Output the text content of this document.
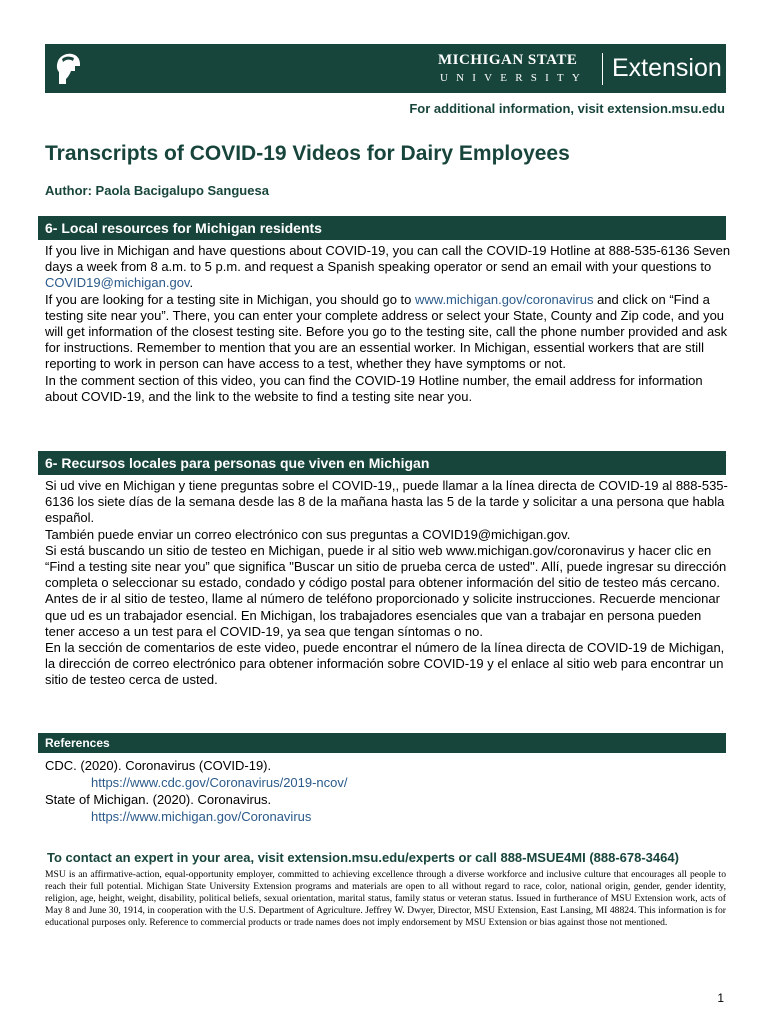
MICHIGAN STATE
UNIVERSITY Extension
For additional information, visit extension.msu.edu
Transcripts of COVID-19 Videos for Dairy Employees
Author: Paola Bacigalupo Sanguesa
6- Local resources for Michigan residents

If you live in Michigan and have questions about COVID-19, you can call the COVID-19 Hotline at 888-535-6136 Seven days a week from 8 a.m. to 5 p.m. and request a Spanish speaking operator or send an email with your questions to COVID19@michigan.gov.

If you are looking for a testing site in Michigan, you should go to www.michigan.gov/coronavirus and click on “Find a testing site near you”. There, you can enter your complete address or select your State, County and Zip code, and you will get information of the closest testing site. Before you go to the testing site, call the phone number provided and ask for instructions. Remember to mention that you are an essential worker. In Michigan, essential workers that are still reporting to work in person can have access to a test, whether they have symptoms or not.

In the comment section of this video, you can find the COVID-19 Hotline number, the email address for information about COVID-19, and the link to the website to find a testing site near you.

6- Recursos locales para personas que viven en Michigan

Si ud vive en Michigan y tiene preguntas sobre el COVID-19,, puede llamar a la línea directa de COVID-19 al 888-535-6136 los siete días de la semana desde las 8 de la mañana hasta las 5 de la tarde y solicitar a una persona que habla español.

También puede enviar un correo electrónico con sus preguntas a COVID19@michigan.gov.

Si está buscando un sitio de testeo en Michigan, puede ir al sitio web www.michigan.gov/coronavirus y hacer clic en “Find a testing site near you” que significa "Buscar un sitio de prueba cerca de usted". Allí, puede ingresar su dirección completa o seleccionar su estado, condado y código postal para obtener información del sitio de testeo más cercano.

Antes de ir al sitio de testeo, llame al número de teléfono proporcionado y solicite instrucciones. Recuerde mencionar que ud es un trabajador esencial. En Michigan, los trabajadores esenciales que van a trabajar en persona pueden tener acceso a un test para el COVID-19, ya sea que tengan síntomas o no.

En la sección de comentarios de este video, puede encontrar el número de la línea directa de COVID-19 de Michigan, la dirección de correo electrónico para obtener información sobre COVID-19 y el enlace al sitio web para encontrar un sitio de testeo cerca de usted.

References

CDC. (2020). Coronavirus (COVID-19).

https://www.cdc.gov/Coronavirus/2019-ncov/

State of Michigan. (2020). Coronavirus.

https://www.michigan.gov/Coronavirus

To contact an expert in your area, visit extension.msu.edu/experts or call 888-MSUE4MI (888-678-3464)

MSU is an affirmative-action, equal-opportunity employer, committed to achieving excellence through a diverse workforce and inclusive culture that encourages all people to reach their full potential. Michigan State University Extension programs and materials are open to all without regard to race, color, national origin, gender, gender identity, religion, age, height, weight, disability, political beliefs, sexual orientation, marital status, family status or veteran status. Issued in furtherance of MSU Extension work, acts of May 8 and June 30, 1914, in cooperation with the U.S. Department of Agriculture. Jeffrey W. Dwyer, Director, MSU Extension, East Lansing, MI 48824. This information is for educational purposes only. Reference to commercial products or trade names does not imply endorsement by MSU Extension or bias against those not mentioned.

1
